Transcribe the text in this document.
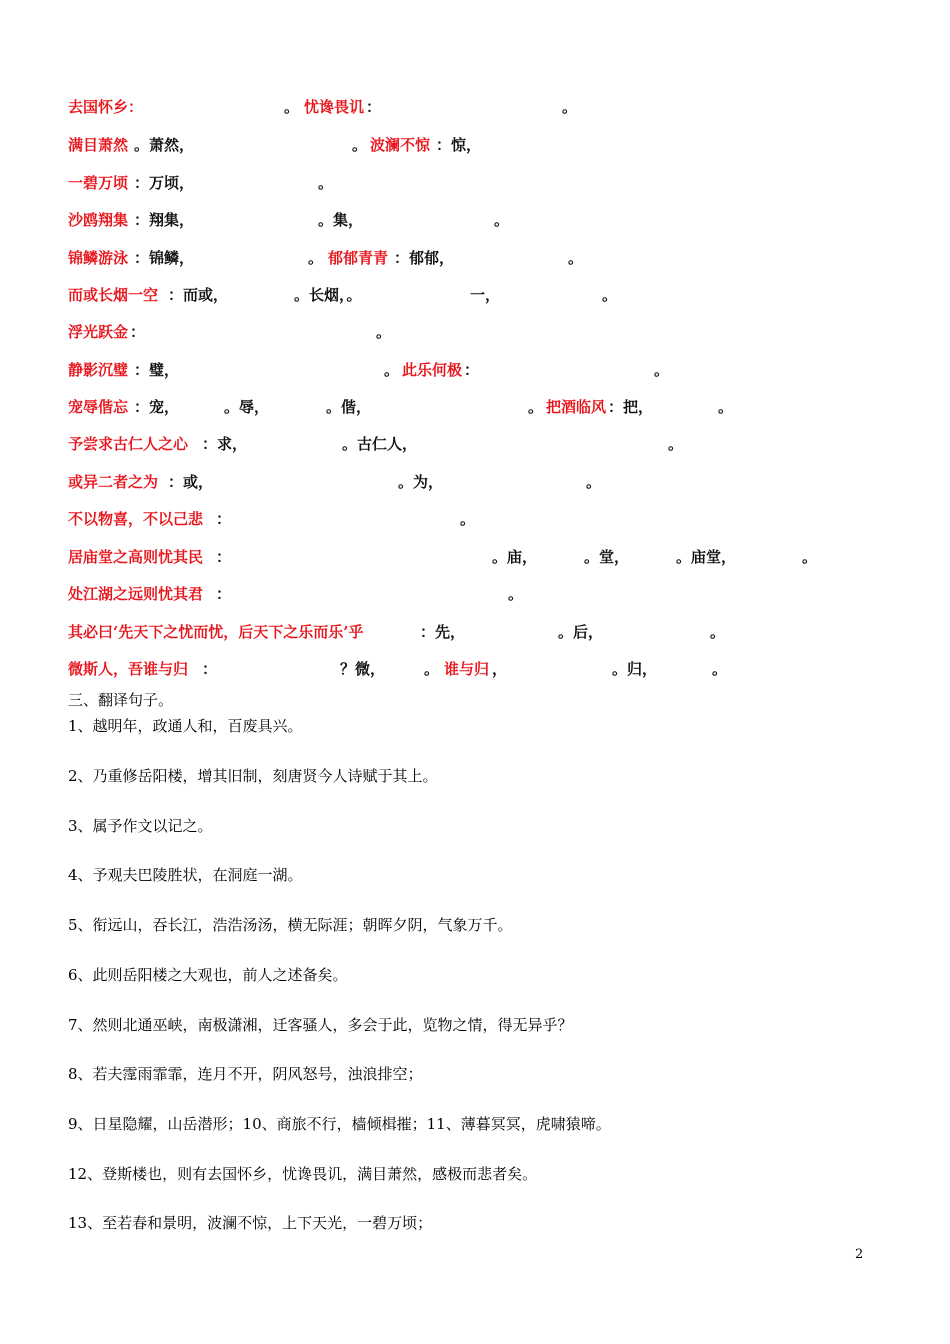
去国怀乡：	。 忧谗畏讥 ：	。
满目萧然 。萧然，	。 波澜不惊 ：惊，
一碧万顷 ：万顷，	。
沙鸥翔集 ：翔集，	。集，	。
锦鳞游泳 ：锦鳞，	。 郁郁青青 ：郁郁，	。
而或长烟一空 ：而或，	。长烟，。	一，	。
浮光跃金 ：	。
静影沉璧 ：璧，	。 此乐何极 ：	。
宠辱偕忘 ：宠，	。辱，	。偕，	。 把酒临风 ：把，	。
予尝求古仁人之心 ：求，	。古仁人，	。
或异二者之为 ：或，	。为，	。
不以物喜，不以己悲 ：	。
居庙堂之高则忧其民 ：	。庙，	。堂，	。庙堂，	。
处江湖之远则忧其君 ：	。
其必曰‘先天下之忧而忧，后天下之乐而乐’乎	：先，	。后，	。
微斯人，吾谁与归 ：	？微，	。 谁与归 ，	。归，	。
三、翻译句子。
1、越明年，政通人和，百废具兴。
2、乃重修岳阳楼，增其旧制，刻唐贤今人诗赋于其上。
3、属予作文以记之。
4、予观夫巴陵胜状，在洞庭一湖。
5、衔远山，吞长江，浩浩汤汤，横无际涯；朝晖夕阴，气象万千。
6、此则岳阳楼之大观也，前人之述备矣。
7、然则北通巫峡，南极潇湘，迁客骚人，多会于此，览物之情，得无异乎？
8、若夫霪雨霏霏，连月不开，阴风怒号，浊浪排空；
9、日星隐耀，山岳潜形；10、商旅不行，樯倾楫摧；11、薄暮冥冥，虎啸猿啼。
12、登斯楼也，则有去国怀乡，忧谗畏讥，满目萧然，感极而悲者矣。
13、至若春和景明，波澜不惊，上下天光，一碧万顷；
2
